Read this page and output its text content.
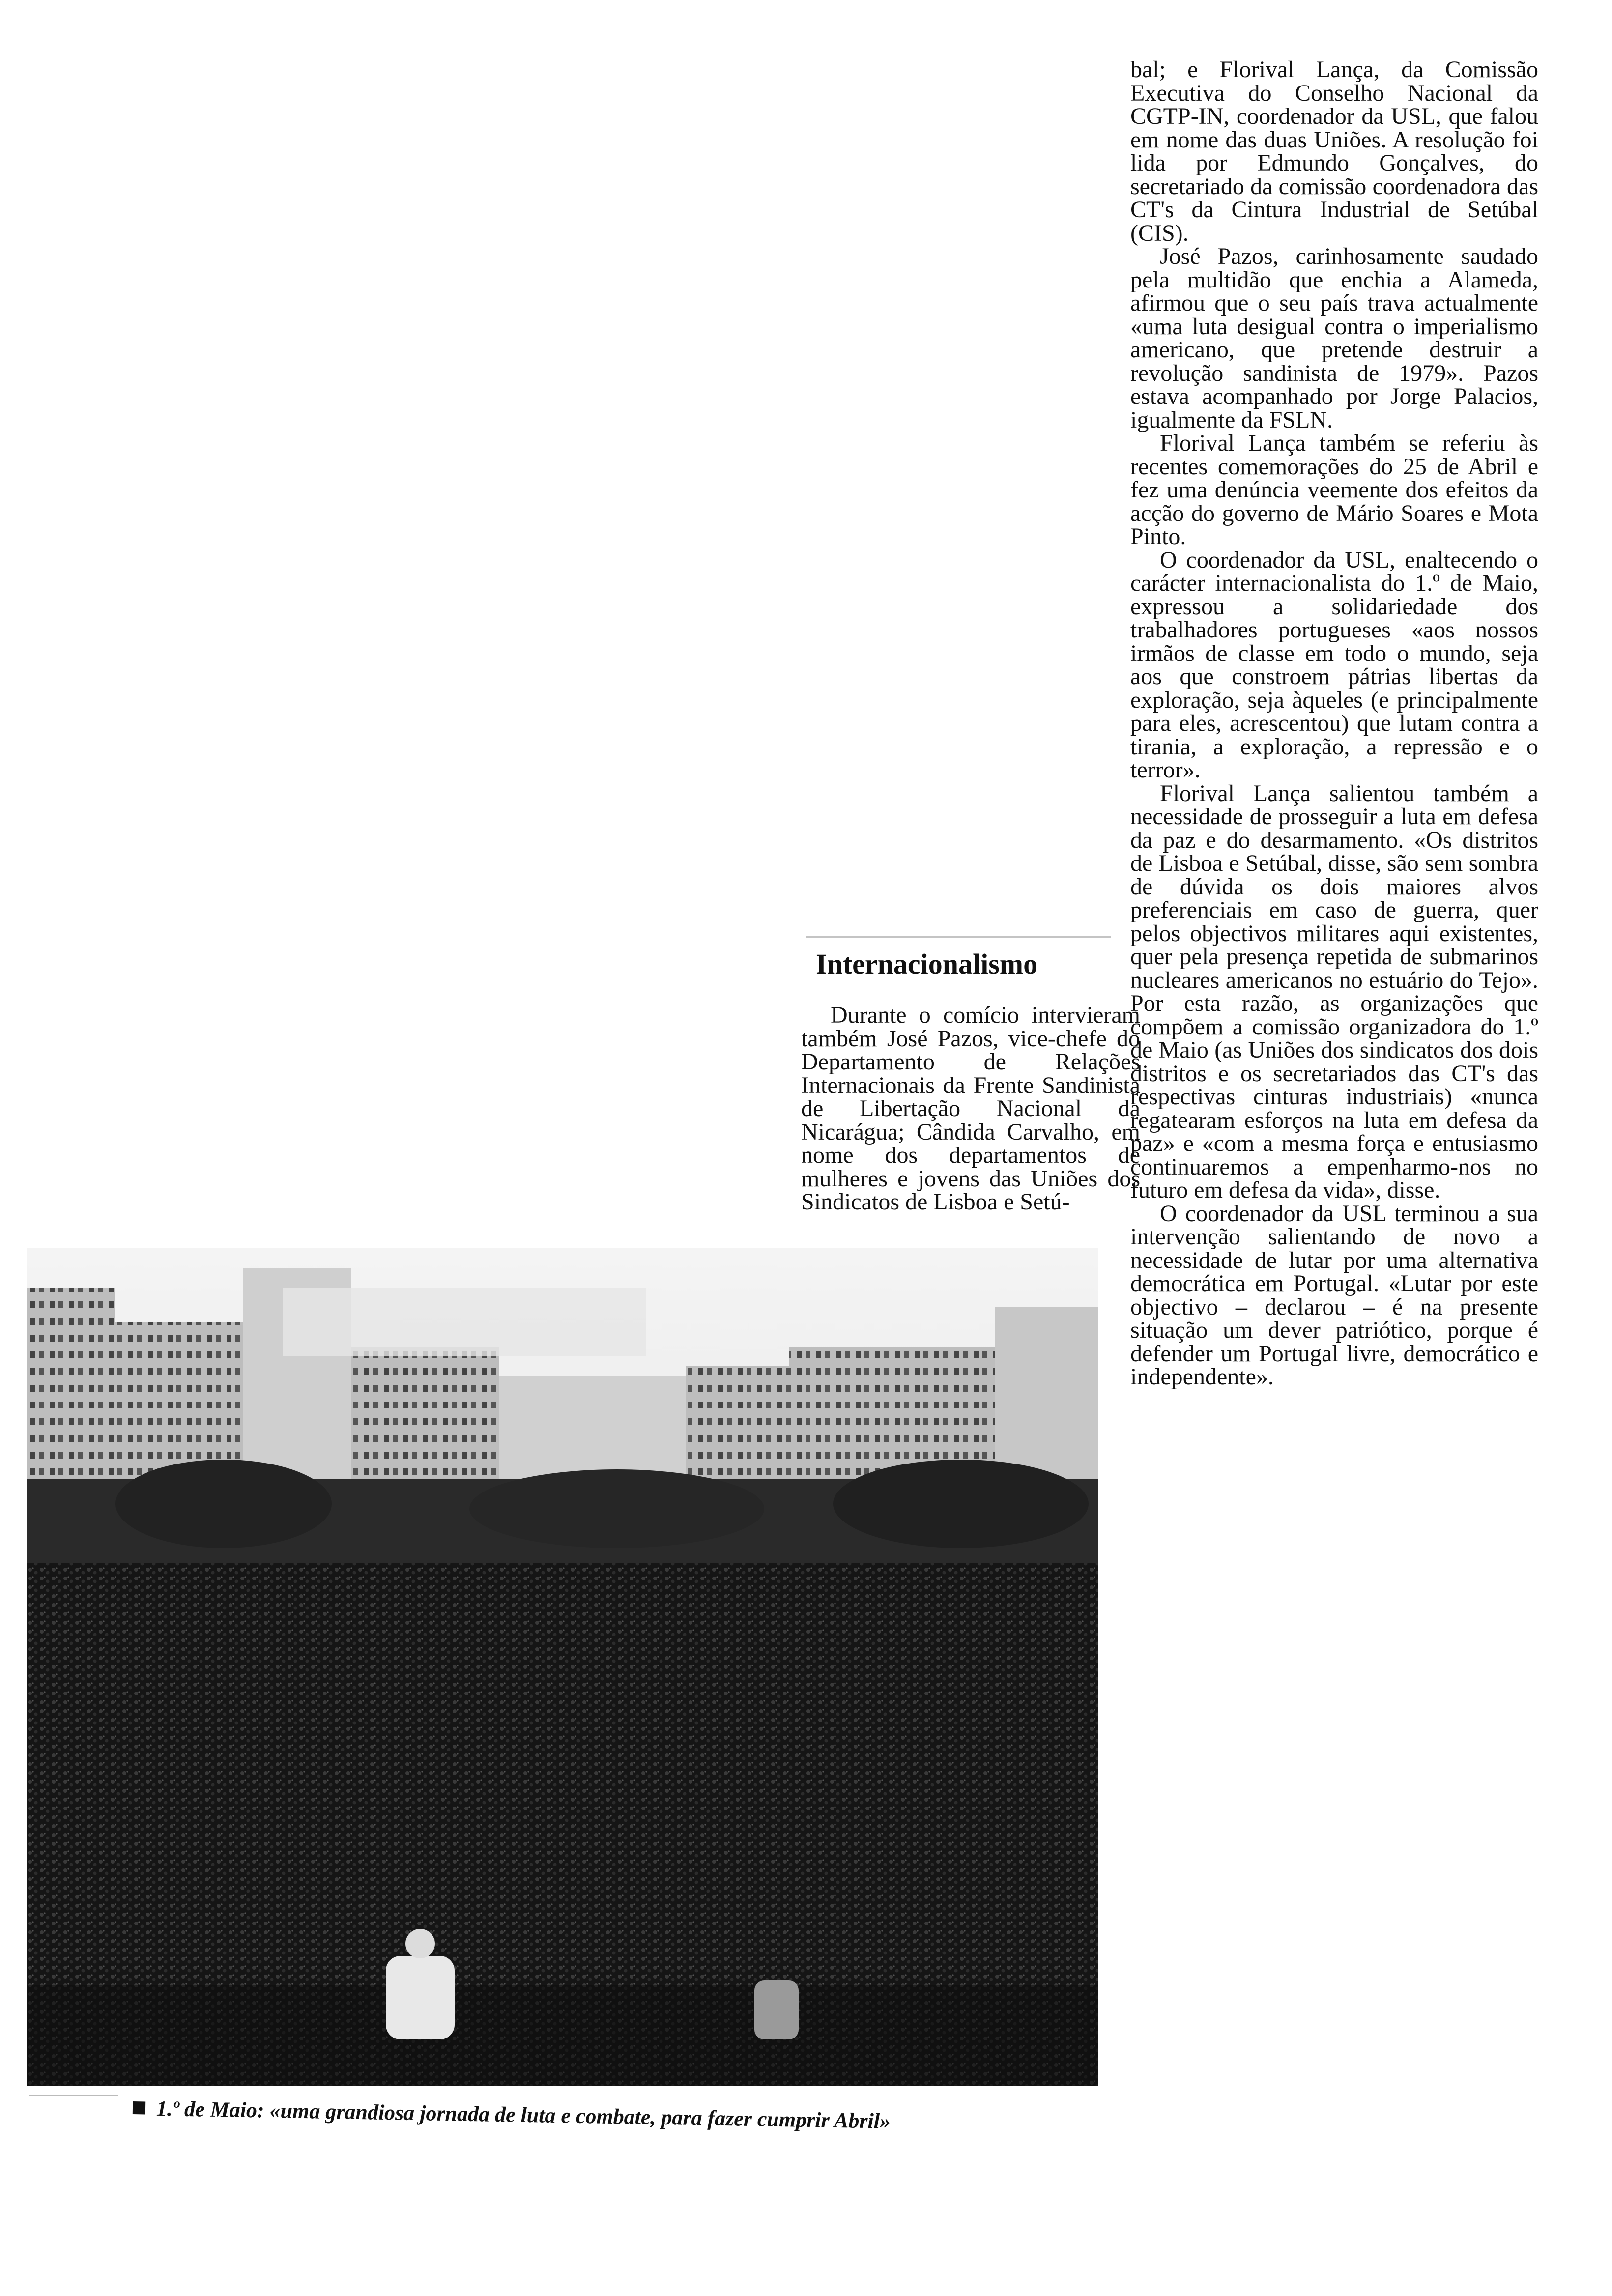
bal; e Florival Lança, da Comissão Executiva do Conselho Nacional da CGTP-IN, coordenador da USL, que falou em nome das duas Uniões. A resolução foi lida por Edmundo Gonçalves, do secretariado da comissão coordenadora das CT's da Cintura Industrial de Setúbal (CIS).

José Pazos, carinhosamente saudado pela multidão que enchia a Alameda, afirmou que o seu país trava actualmente «uma luta desigual contra o imperialismo americano, que pretende destruir a revolução sandinista de 1979». Pazos estava acompanhado por Jorge Palacios, igualmente da FSLN.

Florival Lança também se referiu às recentes comemorações do 25 de Abril e fez uma denúncia veemente dos efeitos da acção do governo de Mário Soares e Mota Pinto.

O coordenador da USL, enaltecendo o carácter internacionalista do 1.º de Maio, expressou a solidariedade dos trabalhadores portugueses «aos nossos irmãos de classe em todo o mundo, seja aos que constroem pátrias libertas da exploração, seja àqueles (e principalmente para eles, acrescentou) que lutam contra a tirania, a exploração, a repressão e o terror».

Florival Lança salientou também a necessidade de prosseguir a luta em defesa da paz e do desarmamento. «Os distritos de Lisboa e Setúbal, disse, são sem sombra de dúvida os dois maiores alvos preferenciais em caso de guerra, quer pelos objectivos militares aqui existentes, quer pela presença repetida de submarinos nucleares americanos no estuário do Tejo». Por esta razão, as organizações que compõem a comissão organizadora do 1.º de Maio (as Uniões dos sindicatos dos dois distritos e os secretariados das CT's das respectivas cinturas industriais) «nunca regatearam esforços na luta em defesa da paz» e «com a mesma força e entusiasmo continuaremos a empenharmo-nos no futuro em defesa da vida», disse.

O coordenador da USL terminou a sua intervenção salientando de novo a necessidade de lutar por uma alternativa democrática em Portugal. «Lutar por este objectivo – declarou – é na presente situação um dever patriótico, porque é defender um Portugal livre, democrático e independente».

Internacionalismo

Durante o comício intervieram também José Pazos, vice-chefe do Departamento de Relações Internacionais da Frente Sandinista de Libertação Nacional da Nicarágua; Cândida Carvalho, em nome dos departamentos de mulheres e jovens das Uniões dos Sindicatos de Lisboa e Setú-

1.º de Maio: «uma grandiosa jornada de luta e combate, para fazer cumprir Abril»
